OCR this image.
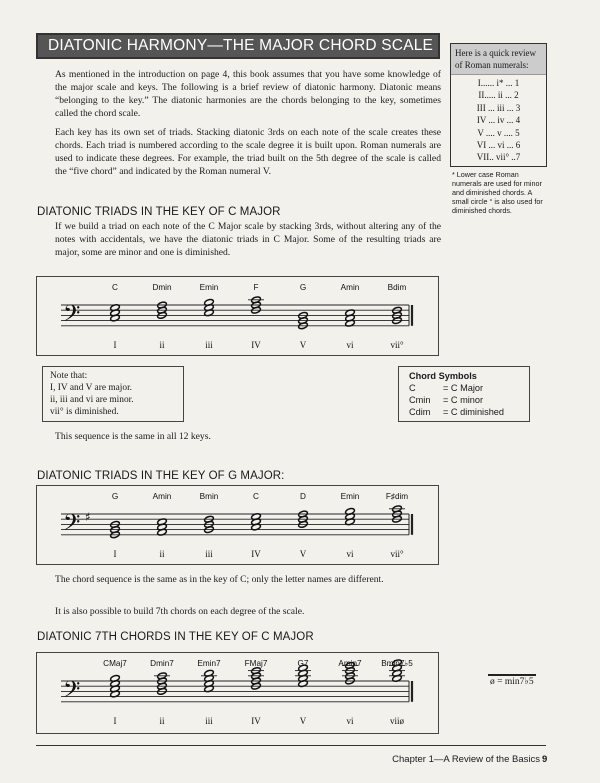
DIATONIC HARMONY—THE MAJOR CHORD SCALE

As mentioned in the introduction on page 4, this book assumes that you have some knowledge of the major scale and keys. The following is a brief review of diatonic harmony. Diatonic means “belonging to the key.” The diatonic harmonies are the chords belonging to the key, sometimes called the chord scale.

Each key has its own set of triads. Stacking diatonic 3rds on each note of the scale creates these chords. Each triad is numbered according to the scale degree it is built upon. Roman numerals are used to indicate these degrees. For example, the triad built on the 5th degree of the scale is called the “five chord” and indicated by the Roman numeral V.

Here is a quick review of Roman numerals:
I...... i* ... 1
II..... ii ... 2
III ... iii ... 3
IV ... iv ... 4
V .... v .... 5
VI ... vi ... 6
VII.. vii° ..7
* Lower case Roman numerals are used for minor and diminished chords. A small circle ° is also used for diminished chords.
DIATONIC TRIADS IN THE KEY OF C MAJOR
If we build a triad on each note of the C Major scale by stacking 3rds, without altering any of the notes with accidentals, we have the diatonic triads in C Major. Some of the resulting triads are major, some are minor and one is diminished.
𝄢
C
I
Dmin
ii
Emin
iii
F
IV
G
V
Amin
vi
Bdim
vii°
Note that:
I, IV and V are major.
ii, iii and vi are minor.
vii° is diminished.
Chord Symbols
C	= C Major
Cmin	= C minor
Cdim	= C diminished
This sequence is the same in all 12 keys.
DIATONIC TRIADS IN THE KEY OF G MAJOR:
𝄢 ♯
G
I
Amin
ii
Bmin
iii
C
IV
D
V
Emin
vi
F♯dim
vii°
The chord sequence is the same as in the key of C; only the letter names are different.
It is also possible to build 7th chords on each degree of the scale.
DIATONIC 7TH CHORDS IN THE KEY OF C MAJOR
𝄢
CMaj7
I
Dmin7
ii
Emin7
iii
FMaj7
IV
G7
V
Amin7
vi
Bmin7♭5
viiø
ø = min7♭5
Chapter 1—A Review of the Basics 9
